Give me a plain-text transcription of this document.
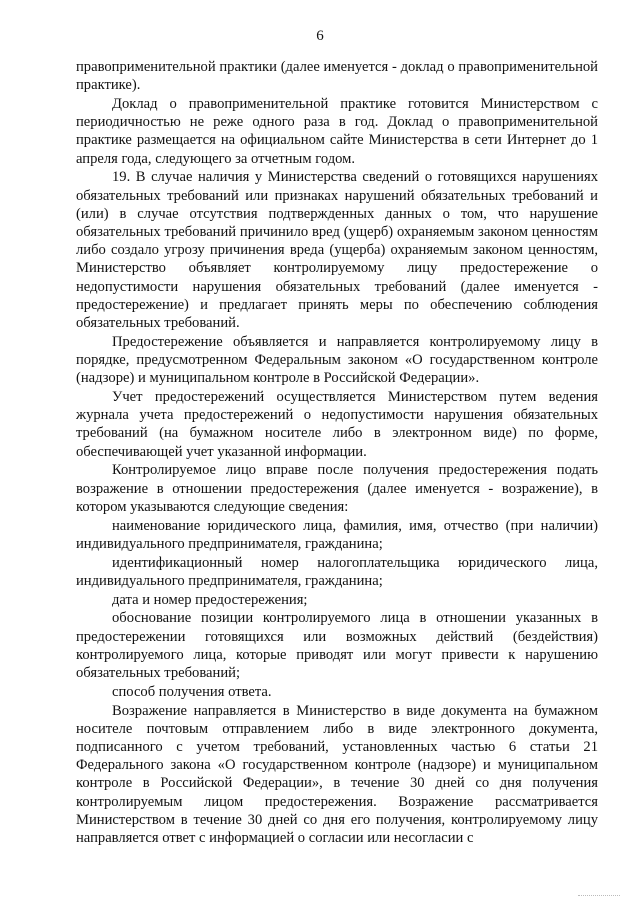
6

правоприменительной практики (далее именуется - доклад о правоприменительной практике).

Доклад о правоприменительной практике готовится Министерством с периодичностью не реже одного раза в год. Доклад о правоприменительной практике размещается на официальном сайте Министерства в сети Интернет до 1 апреля года, следующего за отчетным годом.

19. В случае наличия у Министерства сведений о готовящихся нарушениях обязательных требований или признаках нарушений обязательных требований и (или) в случае отсутствия подтвержденных данных о том, что нарушение обязательных требований причинило вред (ущерб) охраняемым законом ценностям либо создало угрозу причинения вреда (ущерба) охраняемым законом ценностям, Министерство объявляет контролируемому лицу предостережение о недопустимости нарушения обязательных требований (далее именуется - предостережение) и предлагает принять меры по обеспечению соблюдения обязательных требований.

Предостережение объявляется и направляется контролируемому лицу в порядке, предусмотренном Федеральным законом «О государственном контроле (надзоре) и муниципальном контроле в Российской Федерации».

Учет предостережений осуществляется Министерством путем ведения журнала учета предостережений о недопустимости нарушения обязательных требований (на бумажном носителе либо в электронном виде) по форме, обеспечивающей учет указанной информации.

Контролируемое лицо вправе после получения предостережения подать возражение в отношении предостережения (далее именуется - возражение), в котором указываются следующие сведения:

наименование юридического лица, фамилия, имя, отчество (при наличии) индивидуального предпринимателя, гражданина;

идентификационный номер налогоплательщика юридического лица, индивидуального предпринимателя, гражданина;

дата и номер предостережения;

обоснование позиции контролируемого лица в отношении указанных в предостережении готовящихся или возможных действий (бездействия) контролируемого лица, которые приводят или могут привести к нарушению обязательных требований;

способ получения ответа.

Возражение направляется в Министерство в виде документа на бумажном носителе почтовым отправлением либо в виде электронного документа, подписанного с учетом требований, установленных частью 6 статьи 21 Федерального закона «О государственном контроле (надзоре) и муниципальном контроле в Российской Федерации», в течение 30 дней со дня получения контролируемым лицом предостережения. Возражение рассматривается Министерством в течение 30 дней со дня его получения, контролируемому лицу направляется ответ с информацией о согласии или несогласии с
